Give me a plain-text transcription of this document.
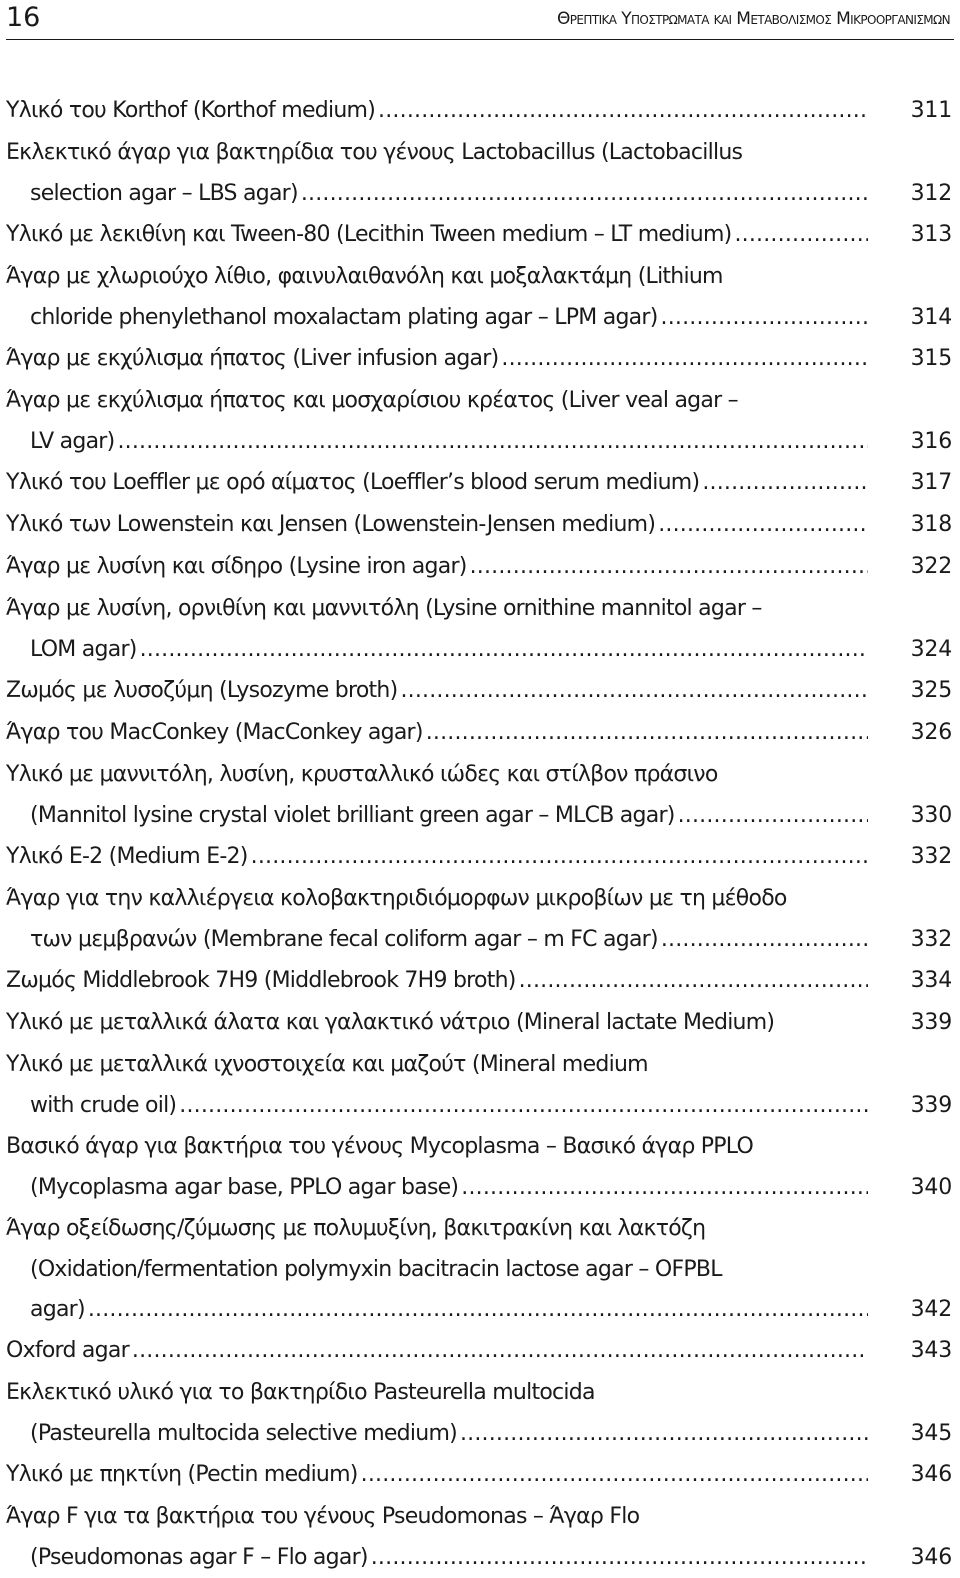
16	Θρεπτικα Υποστρωματα και Μεταβολισμος Μικροοργανισμων
Υλικό του Korthof (Korthof medium) .....	311
Εκλεκτικό άγαρ για βακτηρίδια του γένους Lactobacillus (Lactobacillus
selection agar – LBS agar) .....	312
Υλικό με λεκιθίνη και Tween-80 (Lecithin Tween medium – LT medium) .....	313
Άγαρ με χλωριούχο λίθιο, φαινυλαιθανόλη και μοξαλακτάμη (Lithium
chloride phenylethanol moxalactam plating agar – LPM agar) .....	314
Άγαρ με εκχύλισμα ήπατος (Liver infusion agar) .....	315
Άγαρ με εκχύλισμα ήπατος και μοσχαρίσιου κρέατος (Liver veal agar –
LV agar) .....	316
Υλικό του Loeffler με ορό αίματος (Loeffler’s blood serum medium) .....	317
Υλικό των Lowenstein και Jensen (Lowenstein-Jensen medium) .....	318
Άγαρ με λυσίνη και σίδηρο (Lysine iron agar) .....	322
Άγαρ με λυσίνη, ορνιθίνη και μαννιτόλη (Lysine ornithine mannitol agar –
LOM agar) .....	324
Ζωμός με λυσοζύμη (Lysozyme broth) .....	325
Άγαρ του MacConkey (MacConkey agar) .....	326
Υλικό με μαννιτόλη, λυσίνη, κρυσταλλικό ιώδες και στίλβον πράσινο
(Mannitol lysine crystal violet brilliant green agar – MLCB agar) .....	330
Υλικό E-2 (Medium E-2) .....	332
Άγαρ για την καλλιέργεια κολοβακτηριδιόμορφων μικροβίων με τη μέθοδο
των μεμβρανών (Membrane fecal coliform agar – m FC agar) .....	332
Ζωμός Middlebrook 7H9 (Middlebrook 7H9 broth) .....	334
Υλικό με μεταλλικά άλατα και γαλακτικό νάτριο (Mineral lactate Medium)	339
Υλικό με μεταλλικά ιχνοστοιχεία και μαζούτ (Mineral medium
with crude oil) .....	339
Βασικό άγαρ για βακτήρια του γένους Mycoplasma – Βασικό άγαρ PPLO
(Mycoplasma agar base, PPLO agar base) .....	340
Άγαρ οξείδωσης/ζύμωσης με πολυμυξίνη, βακιτρακίνη και λακτόζη
(Oxidation/fermentation polymyxin bacitracin lactose agar – OFPBL
agar) .....	342
Oxford agar .....	343
Εκλεκτικό υλικό για το βακτηρίδιο Pasteurella multocida
(Pasteurella multocida selective medium) .....	345
Υλικό με πηκτίνη (Pectin medium) .....	346
Άγαρ F για τα βακτήρια του γένους Pseudomonas – Άγαρ Flo
(Pseudomonas agar F – Flo agar) .....	346
